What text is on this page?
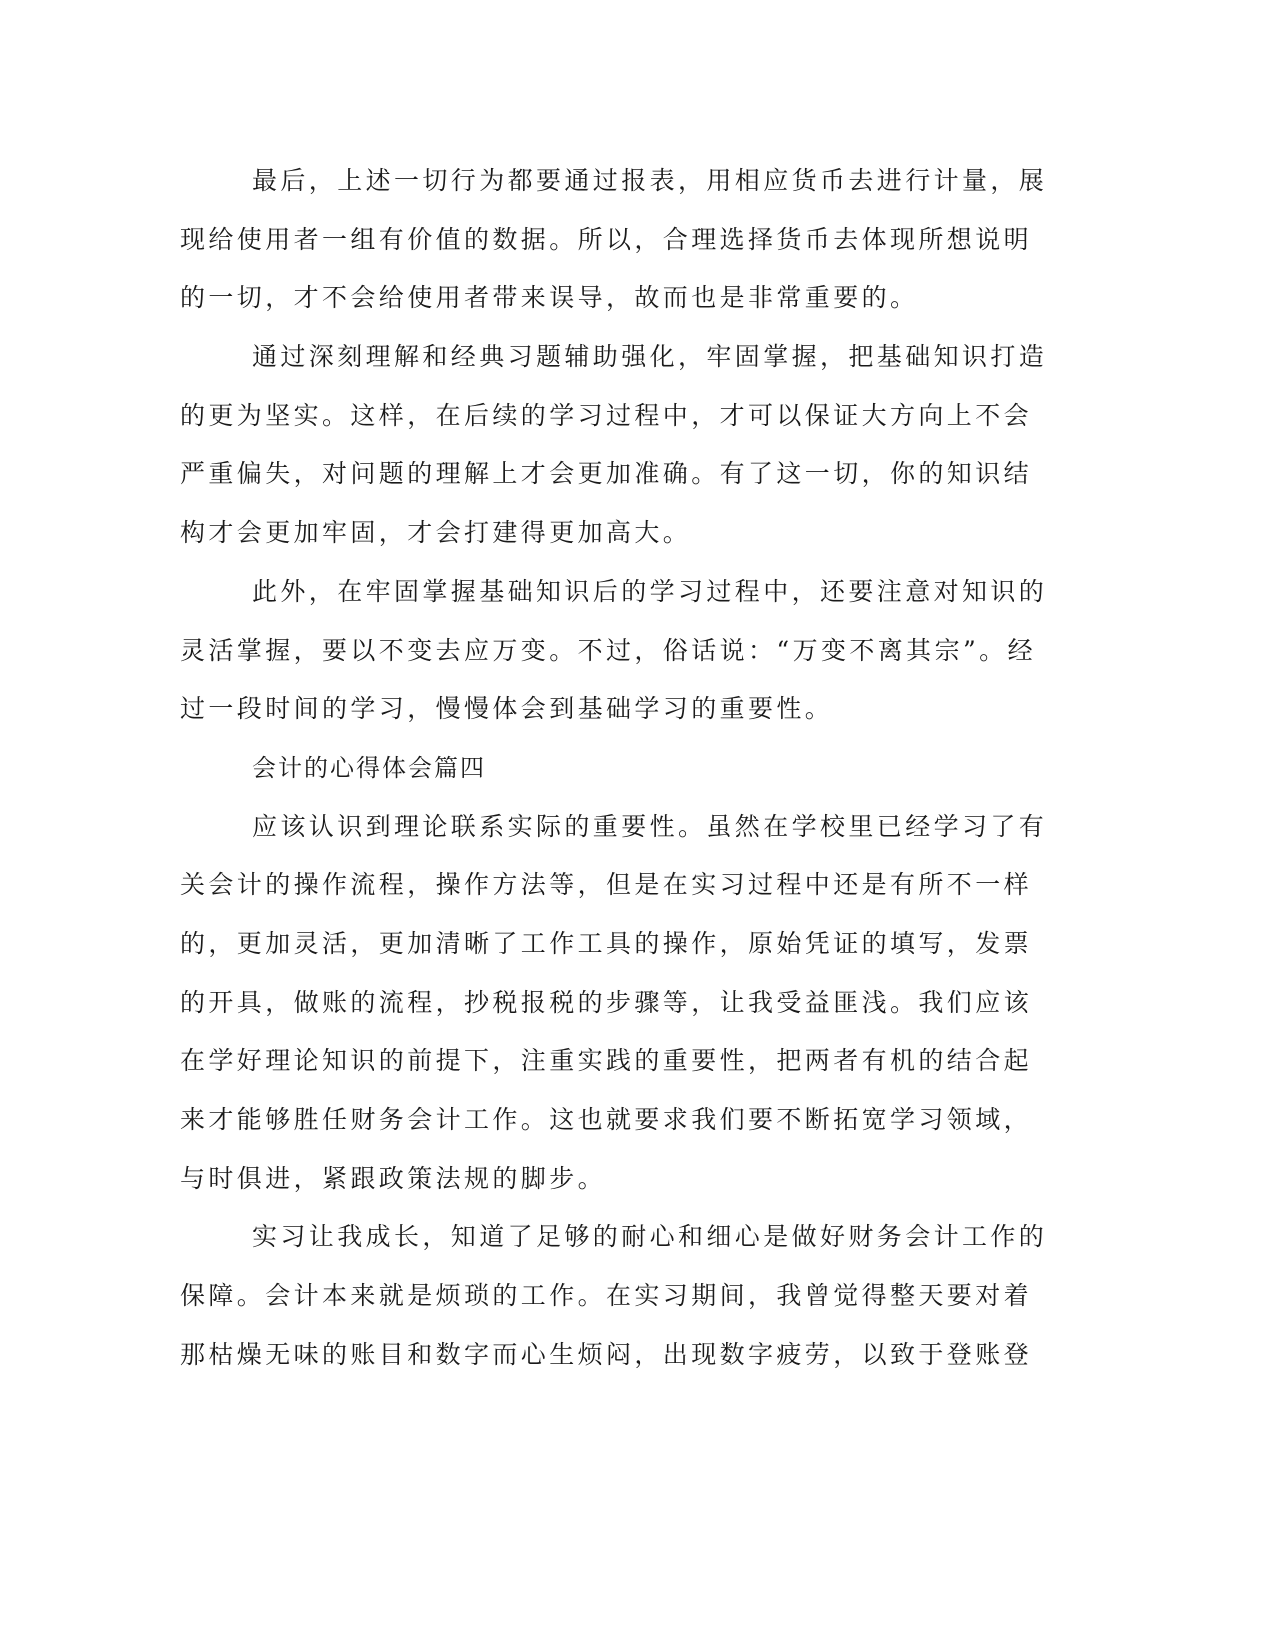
最后，上述一切行为都要通过报表，用相应货币去进行计量，展
现给使用者一组有价值的数据。所以，合理选择货币去体现所想说明
的一切，才不会给使用者带来误导，故而也是非常重要的。
通过深刻理解和经典习题辅助强化，牢固掌握，把基础知识打造
的更为坚实。这样，在后续的学习过程中，才可以保证大方向上不会
严重偏失，对问题的理解上才会更加准确。有了这一切，你的知识结
构才会更加牢固，才会打建得更加高大。
此外，在牢固掌握基础知识后的学习过程中，还要注意对知识的
灵活掌握，要以不变去应万变。不过，俗话说：“万变不离其宗”。经
过一段时间的学习，慢慢体会到基础学习的重要性。
会计的心得体会篇四
应该认识到理论联系实际的重要性。虽然在学校里已经学习了有
关会计的操作流程，操作方法等，但是在实习过程中还是有所不一样
的，更加灵活，更加清晰了工作工具的操作，原始凭证的填写，发票
的开具，做账的流程，抄税报税的步骤等，让我受益匪浅。我们应该
在学好理论知识的前提下，注重实践的重要性，把两者有机的结合起
来才能够胜任财务会计工作。这也就要求我们要不断拓宽学习领域，
与时俱进，紧跟政策法规的脚步。
实习让我成长，知道了足够的耐心和细心是做好财务会计工作的
保障。会计本来就是烦琐的工作。在实习期间，我曾觉得整天要对着
那枯燥无味的账目和数字而心生烦闷，出现数字疲劳，以致于登账登
